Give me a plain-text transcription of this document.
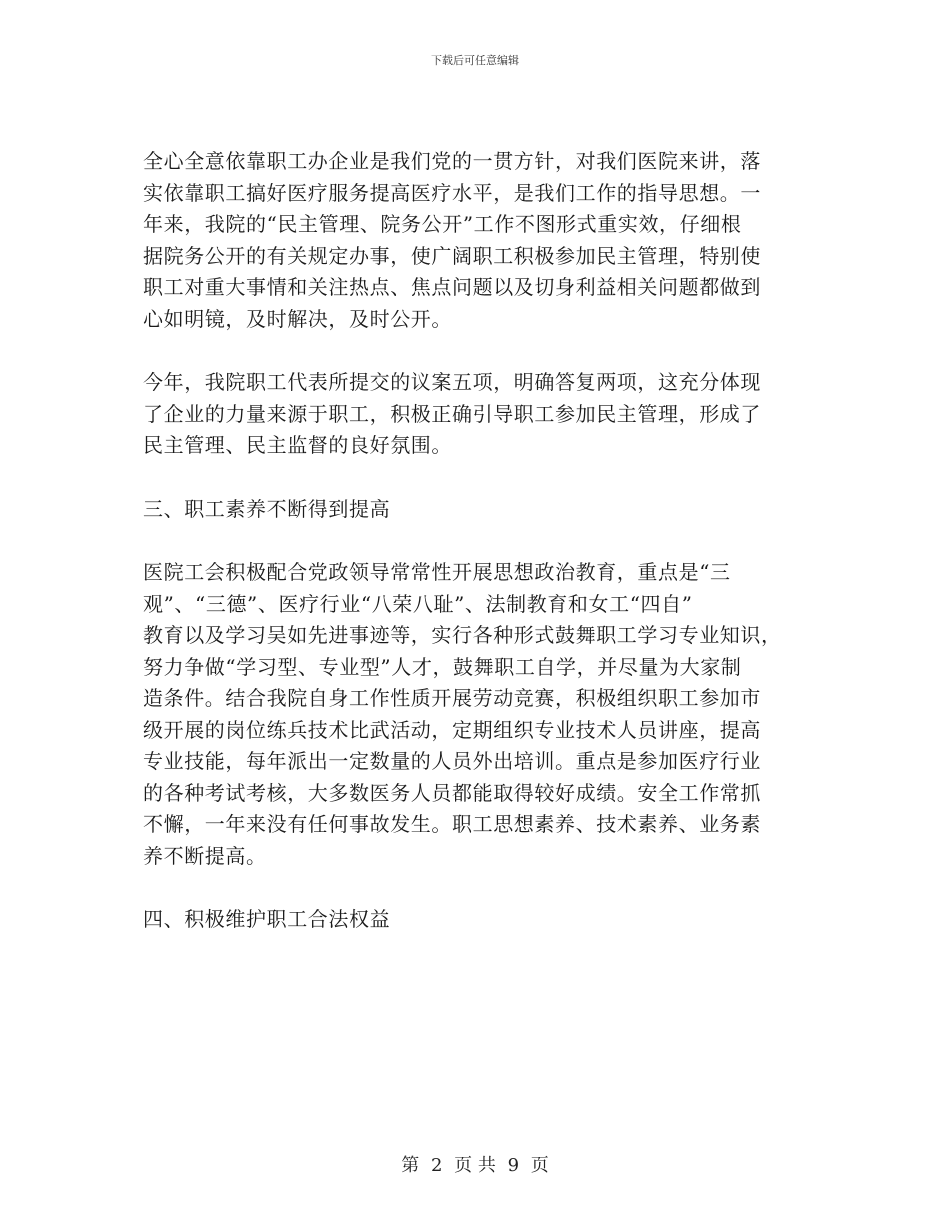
下载后可任意编辑

全心全意依靠职工办企业是我们党的一贯方针，对我们医院来讲，落
实依靠职工搞好医疗服务提高医疗水平，是我们工作的指导思想。一
年来，我院的“民主管理、院务公开”工作不图形式重实效，仔细根
据院务公开的有关规定办事，使广阔职工积极参加民主管理，特别使
职工对重大事情和关注热点、焦点问题以及切身利益相关问题都做到
心如明镜，及时解决，及时公开。

今年，我院职工代表所提交的议案五项，明确答复两项，这充分体现
了企业的力量来源于职工，积极正确引导职工参加民主管理，形成了
民主管理、民主监督的良好氛围。

三、职工素养不断得到提高

医院工会积极配合党政领导常常性开展思想政治教育，重点是“三
观”、“三德”、医疗行业“八荣八耻”、法制教育和女工“四自”
教育以及学习吴如先进事迹等，实行各种形式鼓舞职工学习专业知识，
努力争做“学习型、专业型”人才，鼓舞职工自学，并尽量为大家制
造条件。结合我院自身工作性质开展劳动竞赛，积极组织职工参加市
级开展的岗位练兵技术比武活动，定期组织专业技术人员讲座，提高
专业技能，每年派出一定数量的人员外出培训。重点是参加医疗行业
的各种考试考核，大多数医务人员都能取得较好成绩。安全工作常抓
不懈，一年来没有任何事故发生。职工思想素养、技术素养、业务素
养不断提高。

四、积极维护职工合法权益

第 2 页 共 9 页
